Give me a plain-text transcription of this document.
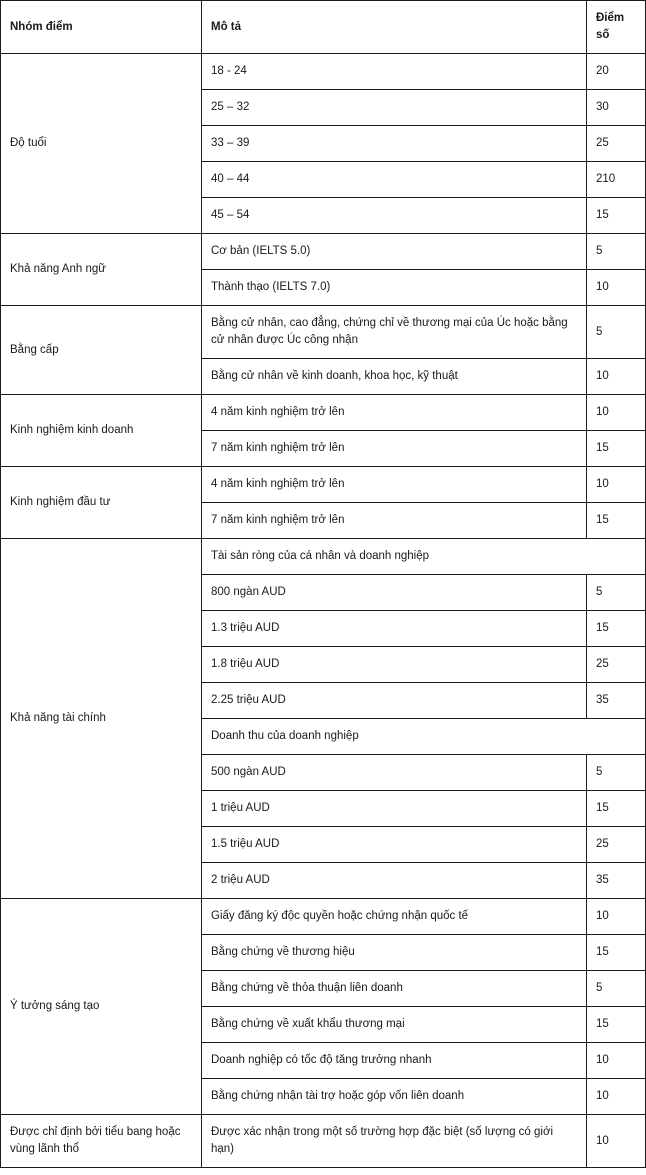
Nhóm điểm	Mô tả	Điểm số
Độ tuổi	18 - 24	20
	25 – 32	30
	33 – 39	25
	40 – 44	210
	45 – 54	15
Khả năng Anh ngữ	Cơ bản (IELTS 5.0)	5
	Thành thạo (IELTS 7.0)	10
Bằng cấp	Bằng cử nhân, cao đẳng, chứng chỉ về thương mại của Úc hoặc bằng cử nhân được Úc công nhận	5
	Bằng cử nhân về kinh doanh, khoa học, kỹ thuật	10
Kinh nghiệm kinh doanh	4 năm kinh nghiệm trở lên	10
	7 năm kinh nghiệm trở lên	15
Kinh nghiệm đầu tư	4 năm kinh nghiệm trở lên	10
	7 năm kinh nghiệm trở lên	15
Khả năng tài chính	Tài sản ròng của cá nhân và doanh nghiệp	
	800 ngàn AUD	5
	1.3 triệu AUD	15
	1.8 triệu AUD	25
	2.25 triệu AUD	35
	Doanh thu của doanh nghiệp	
	500 ngàn AUD	5
	1 triệu AUD	15
	1.5 triệu AUD	25
	2 triệu AUD	35
Ý tưởng sáng tạo	Giấy đăng ký độc quyền hoặc chứng nhận quốc tế	10
	Bằng chứng về thương hiệu	15
	Bằng chứng về thỏa thuận liên doanh	5
	Bằng chứng về xuất khẩu thương mại	15
	Doanh nghiệp có tốc độ tăng trưởng nhanh	10
	Bằng chứng nhận tài trợ hoặc góp vốn liên doanh	10
Được chỉ định bởi tiểu bang hoặc vùng lãnh thổ	Được xác nhận trong một số trường hợp đặc biệt (số lượng có giới hạn)	10
